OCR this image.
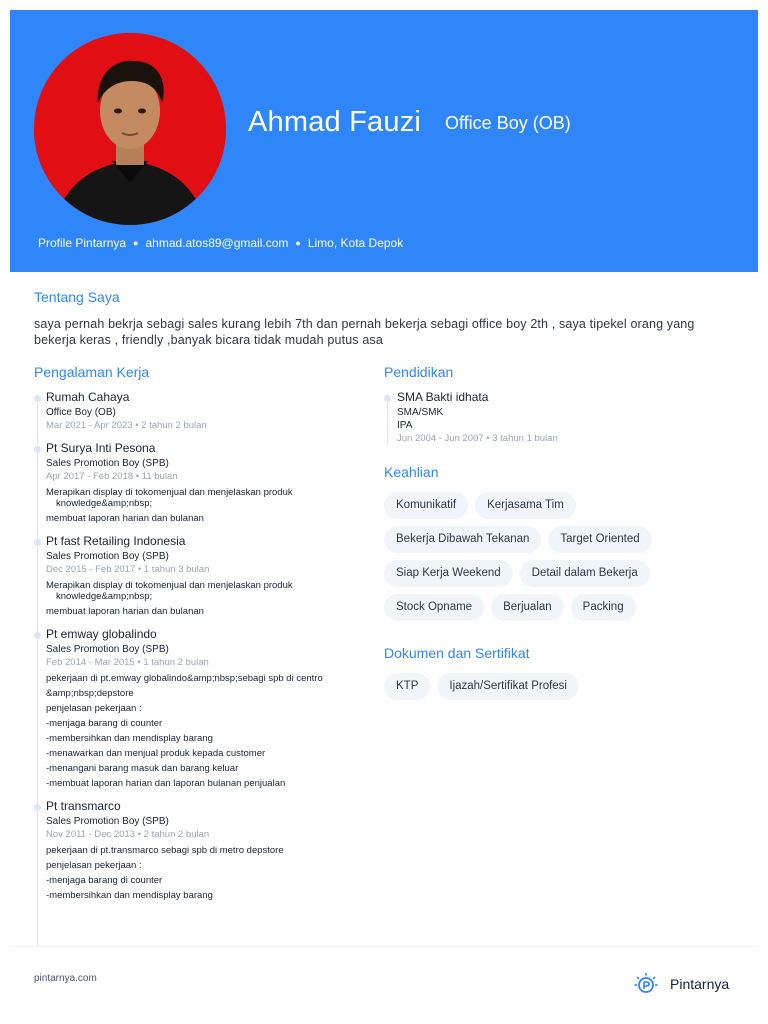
Ahmad Fauzi Office Boy (OB)
Profile Pintarnya ● ahmad.atos89@gmail.com ● Limo, Kota Depok
Tentang Saya
saya pernah bekrja sebagi sales kurang lebih 7th dan pernah bekerja sebagi office boy 2th , saya tipekel orang yang bekerja keras , friendly ,banyak bicara tidak mudah putus asa
Pengalaman Kerja
Rumah Cahaya
Office Boy (OB)
Mar 2021 - Apr 2023 • 2 tahun 2 bulan
Pt Surya Inti Pesona
Sales Promotion Boy (SPB)
Apr 2017 - Feb 2018 • 11 bulan
Merapikan display di tokomenjual dan menjelaskan produk knowledge&amp;nbsp;
membuat laporan harian dan bulanan
Pt fast Retailing Indonesia
Sales Promotion Boy (SPB)
Dec 2015 - Feb 2017 • 1 tahun 3 bulan
Merapikan display di tokomenjual dan menjelaskan produk knowledge&amp;nbsp;
membuat laporan harian dan bulanan
Pt emway globalindo
Sales Promotion Boy (SPB)
Feb 2014 - Mar 2015 • 1 tahun 2 bulan
pekerjaan di pt.emway globalindo&amp;nbsp;sebagi spb di centro
&amp;nbsp;depstore
penjelasan pekerjaan :
-menjaga barang di counter
-membersihkan dan mendisplay barang
-menawarkan dan menjual produk kepada customer
-menangani barang masuk dan barang keluar
-membuat laporan harian dan laporan bulanan penjualan
Pt transmarco
Sales Promotion Boy (SPB)
Nov 2011 - Dec 2013 • 2 tahun 2 bulan
pekerjaan di pt.transmarco sebagi spb di metro depstore
penjelasan pekerjaan :
-menjaga barang di counter
-membersihkan dan mendisplay barang
Pendidikan
SMA Bakti idhata
SMA/SMK
IPA
Jun 2004 - Jun 2007 • 3 tahun 1 bulan
Keahlian
Komunikatif	Kerjasama Tim
Bekerja Dibawah Tekanan	Target Oriented
Siap Kerja Weekend	Detail dalam Bekerja
Stock Opname	Berjualan	Packing
Dokumen dan Sertifikat
KTP	Ijazah/Sertifikat Profesi
pintarnya.com	Pintarnya
